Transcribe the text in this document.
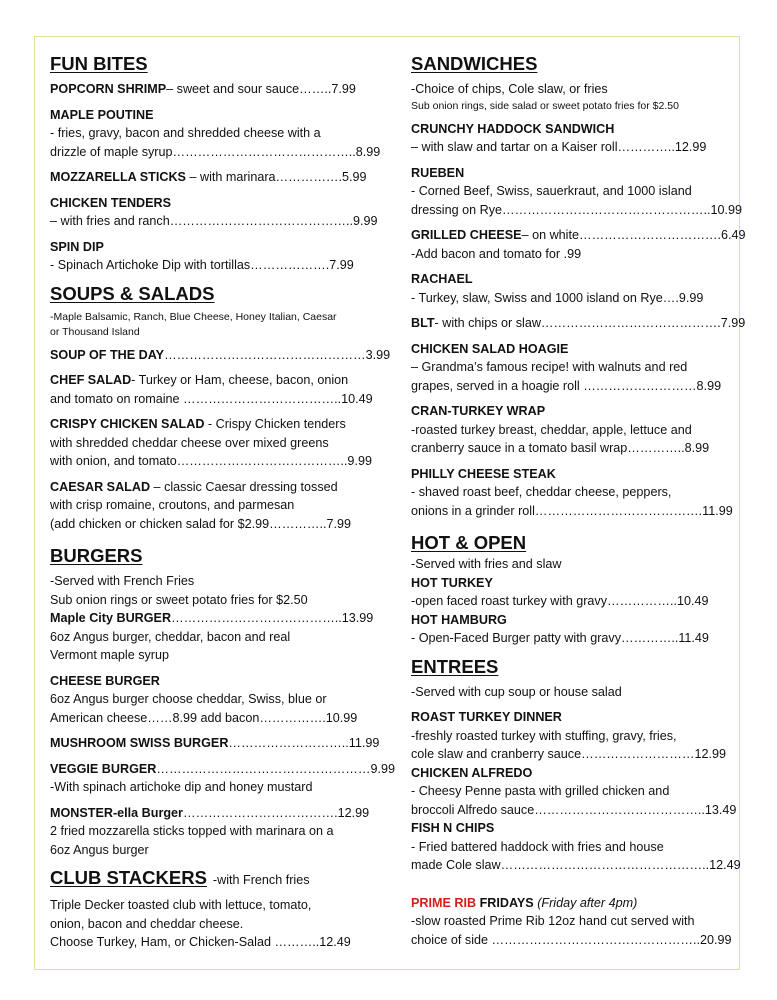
FUN BITES
POPCORN SHRIMP– sweet and sour sauce……..7.99
MAPLE POUTINE
- fries, gravy, bacon and shredded cheese with a
drizzle of maple syrup……………………………………..8.99
MOZZARELLA STICKS – with marinara…………….5.99
CHICKEN TENDERS
– with fries and ranch……………………………………..9.99
SPIN DIP
- Spinach Artichoke Dip with tortillas……………….7.99
SOUPS & SALADS
-Maple Balsamic, Ranch, Blue Cheese, Honey Italian, Caesar
or Thousand Island
SOUP OF THE DAY…………………………………………3.99
CHEF SALAD- Turkey or Ham, cheese, bacon, onion
and tomato on romaine ………………………………..10.49
CRISPY CHICKEN SALAD - Crispy Chicken tenders
with shredded cheddar cheese over mixed greens
with onion, and tomato…………………………………..9.99
CAESAR SALAD – classic Caesar dressing tossed
with crisp romaine, croutons, and parmesan
(add chicken or chicken salad for $2.99…………..7.99
BURGERS
-Served with French Fries
Sub onion rings or sweet potato fries for $2.50
Maple City BURGER…………………………………..13.99
6oz Angus burger, cheddar, bacon and real
Vermont maple syrup
CHEESE BURGER
6oz Angus burger choose cheddar, Swiss, blue or
American cheese……8.99 add bacon…………….10.99
MUSHROOM SWISS BURGER………………………..11.99
VEGGIE BURGER……………………………………………9.99
-With spinach artichoke dip and honey mustard
MONSTER-ella Burger……………………………….12.99
2 fried mozzarella sticks topped with marinara on a
6oz Angus burger
CLUB STACKERS -with French fries
Triple Decker toasted club with lettuce, tomato,
onion, bacon and cheddar cheese.
Choose Turkey, Ham, or Chicken-Salad ………..12.49
SANDWICHES
-Choice of chips, Cole slaw, or fries
Sub onion rings, side salad or sweet potato fries for $2.50
CRUNCHY HADDOCK SANDWICH
– with slaw and tartar on a Kaiser roll…………..12.99
RUEBEN
- Corned Beef, Swiss, sauerkraut, and 1000 island
dressing on Rye…………………………………………..10.99
GRILLED CHEESE– on white…………………………….6.49
-Add bacon and tomato for .99
RACHAEL
- Turkey, slaw, Swiss and 1000 island on Rye….9.99
BLT- with chips or slaw…………………………………….7.99
CHICKEN SALAD HOAGIE
– Grandma’s famous recipe! with walnuts and red
grapes, served in a hoagie roll ………………………8.99
CRAN-TURKEY WRAP
-roasted turkey breast, cheddar, apple, lettuce and
cranberry sauce in a tomato basil wrap…………..8.99
PHILLY CHEESE STEAK
- shaved roast beef, cheddar cheese, peppers,
onions in a grinder roll………………………………….11.99
HOT & OPEN
-Served with fries and slaw
HOT TURKEY
-open faced roast turkey with gravy……………..10.49
HOT HAMBURG
- Open-Faced Burger patty with gravy…………..11.49
ENTREES
-Served with cup soup or house salad
ROAST TURKEY DINNER
-freshly roasted turkey with stuffing, gravy, fries,
cole slaw and cranberry sauce………………………12.99
CHICKEN ALFREDO
- Cheesy Penne pasta with grilled chicken and
broccoli Alfredo sauce…………………………………..13.49
FISH N CHIPS
- Fried battered haddock with fries and house
made Cole slaw…………………………………………..12.49
PRIME RIB FRIDAYS (Friday after 4pm)
-slow roasted Prime Rib 12oz hand cut served with
choice of side …………………………………………..20.99
